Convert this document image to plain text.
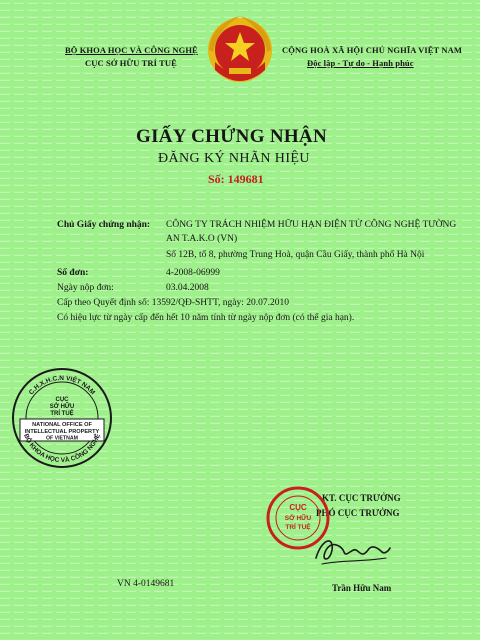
BỘ KHOA HỌC VÀ CÔNG NGHỆ
CỤC SỞ HỮU TRÍ TUỆ
CỘNG HOÀ XÃ HỘI CHỦ NGHĨA VIỆT NAM
Độc lập - Tự do - Hạnh phúc
GIẤY CHỨNG NHẬN
ĐĂNG KÝ NHÃN HIỆU
Số: 149681
Chủ Giấy chứng nhận: CÔNG TY TRÁCH NHIỆM HỮU HẠN ĐIỆN TỬ CÔNG NGHỆ TƯỜNG
AN T.A.K.O (VN)
Số 12B, tổ 8, phường Trung Hoà, quận Cầu Giấy, thành phố Hà Nội
Số đơn:	4-2008-06999
Ngày nộp đơn:	03.04.2008
Cấp theo Quyết định số: 13592/QĐ-SHTT, ngày: 20.07.2010
Có hiệu lực từ ngày cấp đến hết 10 năm tính từ ngày nộp đơn (có thể gia hạn).
C.H.X.H.C.N VIỆT NAM
CỤC
SỞ HỮU
TRÍ TUỆ
NATIONAL OFFICE OF
INTELLECTUAL PROPERTY
OF VIETNAM
BỘ KHOA HỌC VÀ CÔNG NGHỆ
KT. CỤC TRƯỞNG
PHÓ CỤC TRƯỞNG
CỤC
SỞ HỮU
TRÍ TUỆ
Trần Hữu Nam
VN 4-0149681
